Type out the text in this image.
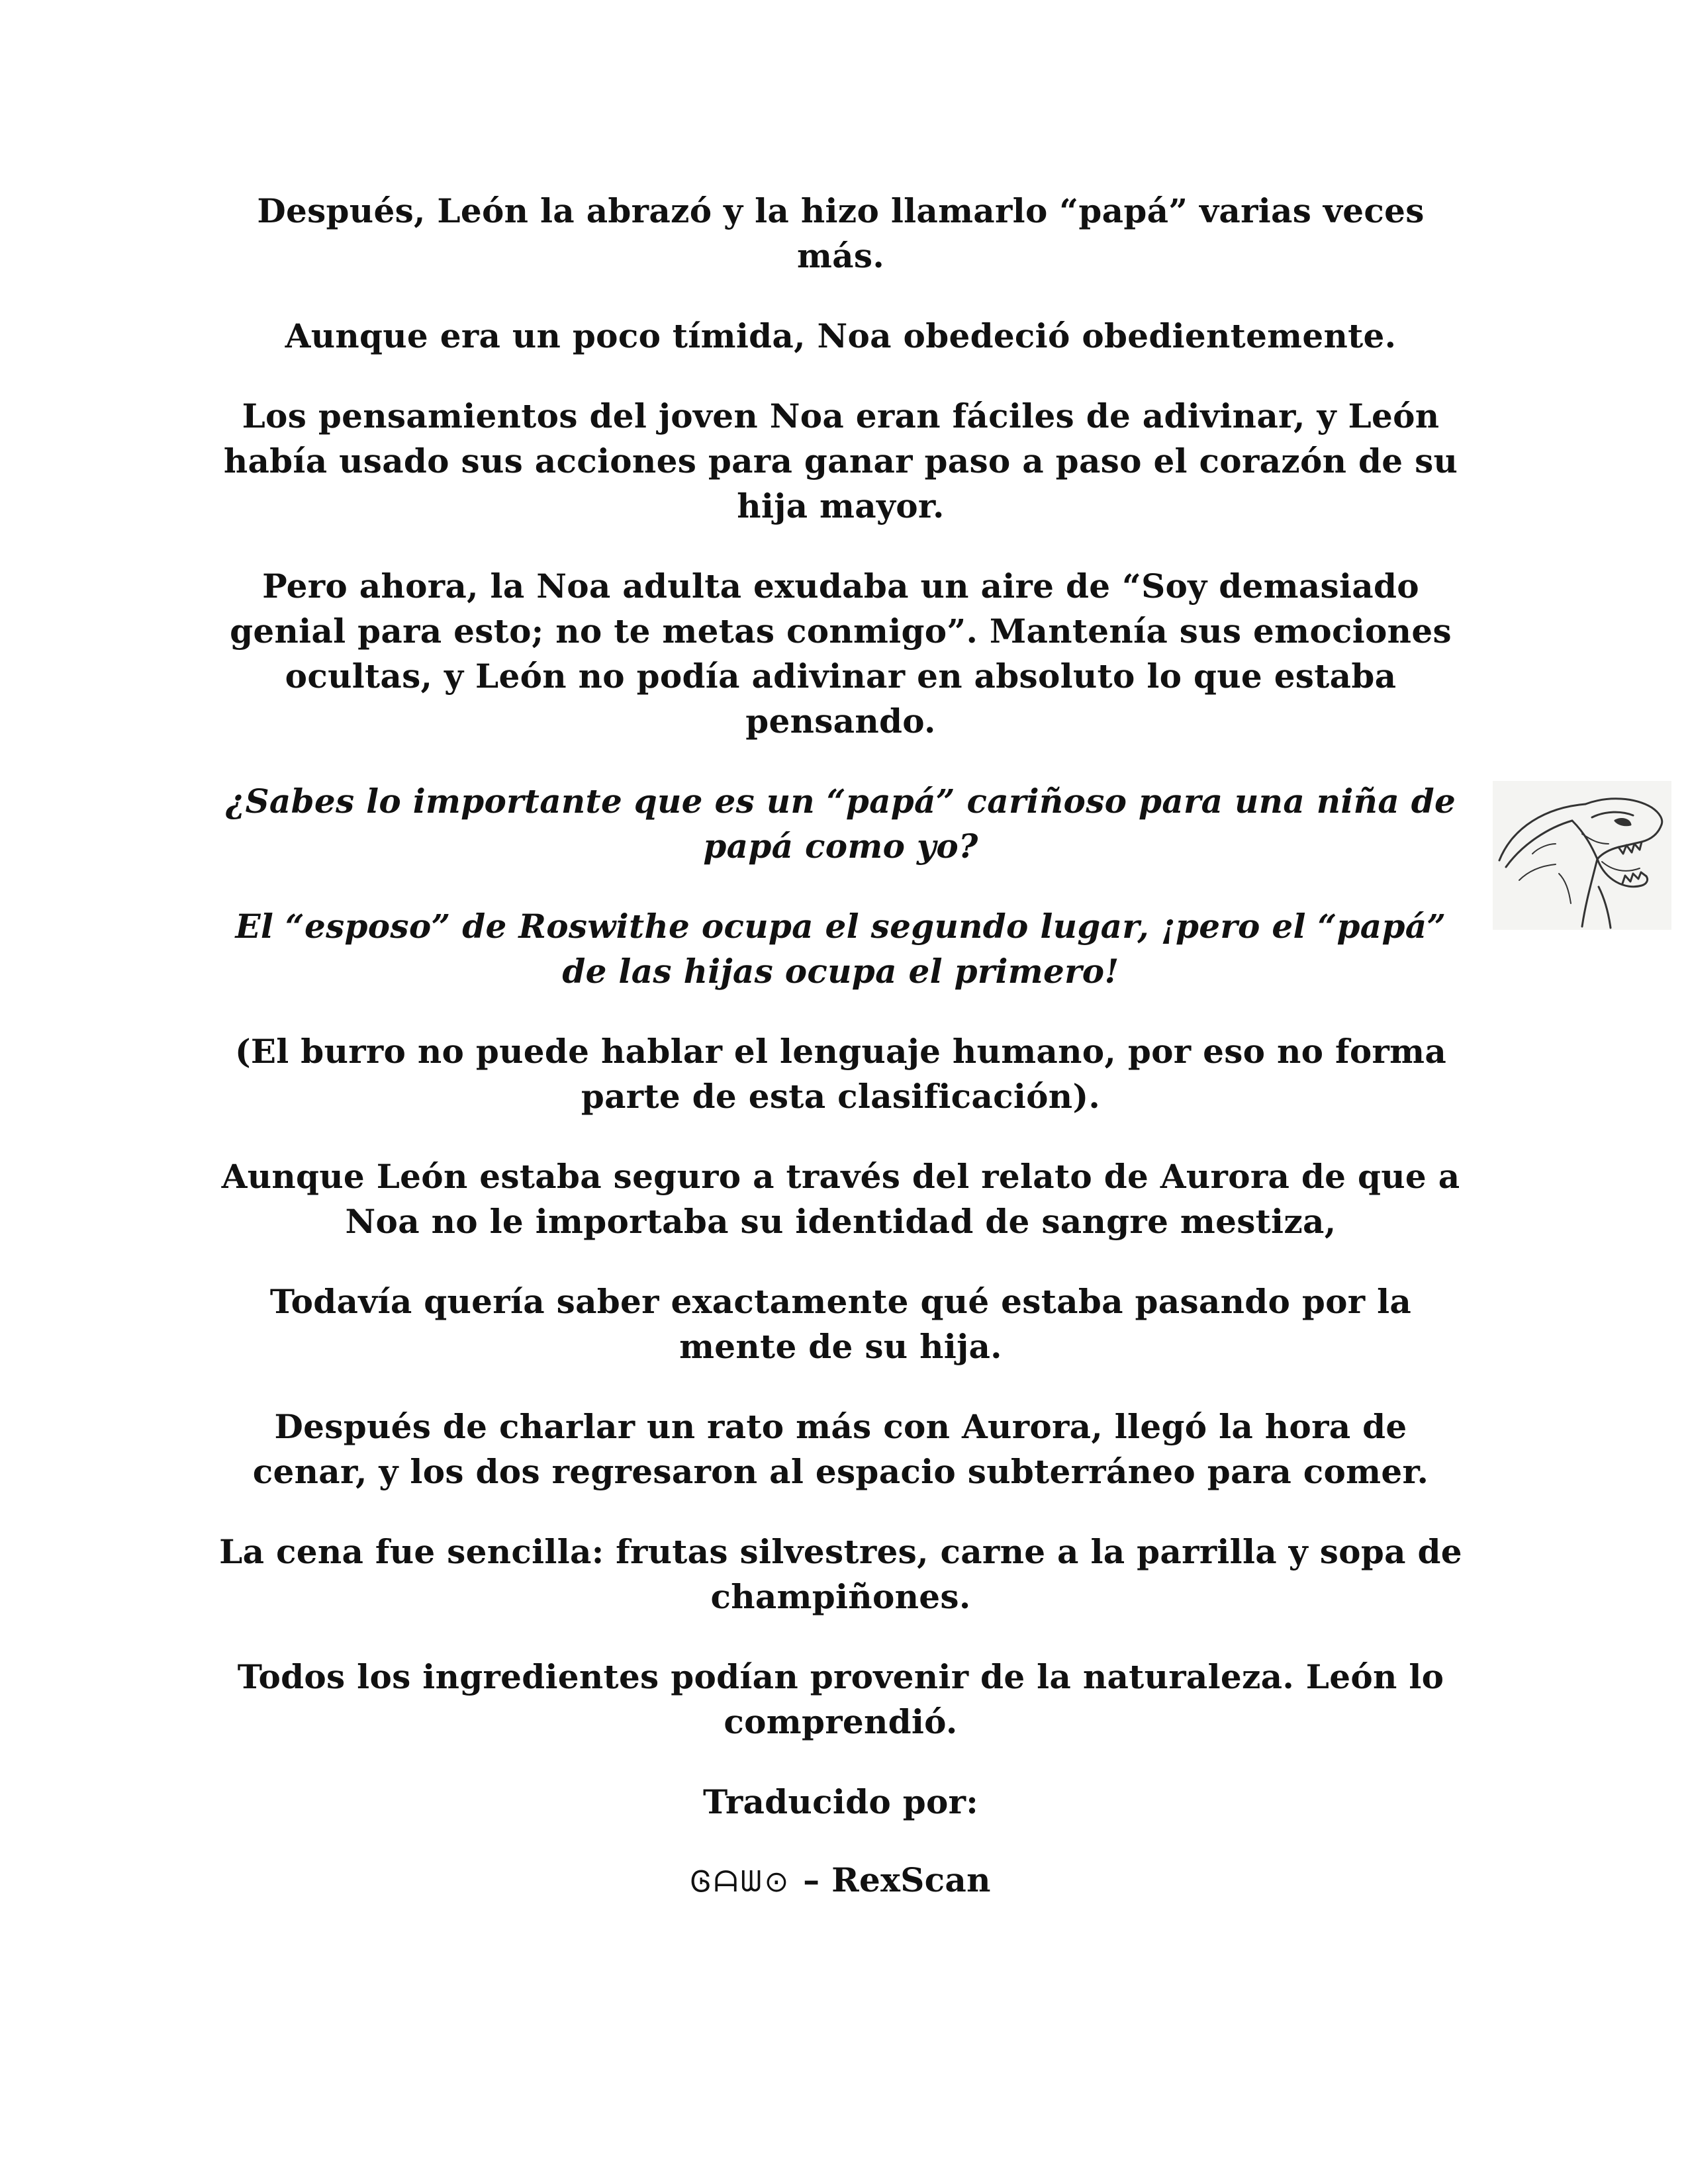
Después, León la abrazó y la hizo llamarlo “papá” varias veces más.

Aunque era un poco tímida, Noa obedeció obedientemente.

Los pensamientos del joven Noa eran fáciles de adivinar, y León había usado sus acciones para ganar paso a paso el corazón de su hija mayor.

Pero ahora, la Noa adulta exudaba un aire de “Soy demasiado genial para esto; no te metas conmigo”. Mantenía sus emociones ocultas, y León no podía adivinar en absoluto lo que estaba pensando.

¿Sabes lo importante que es un “papá” cariñoso para una niña de papá como yo?

El “esposo” de Roswithe ocupa el segundo lugar, ¡pero el “papá” de las hijas ocupa el primero!

(El burro no puede hablar el lenguaje humano, por eso no forma parte de esta clasificación).

Aunque León estaba seguro a través del relato de Aurora de que a Noa no le importaba su identidad de sangre mestiza,

Todavía quería saber exactamente qué estaba pasando por la mente de su hija.

Después de charlar un rato más con Aurora, llegó la hora de cenar, y los dos regresaron al espacio subterráneo para comer.

La cena fue sencilla: frutas silvestres, carne a la parrilla y sopa de champiñones.

Todos los ingredientes podían provenir de la naturaleza. León lo comprendió.

Traducido por:

Ꮆᗩᗯ⊙ – RexScan
